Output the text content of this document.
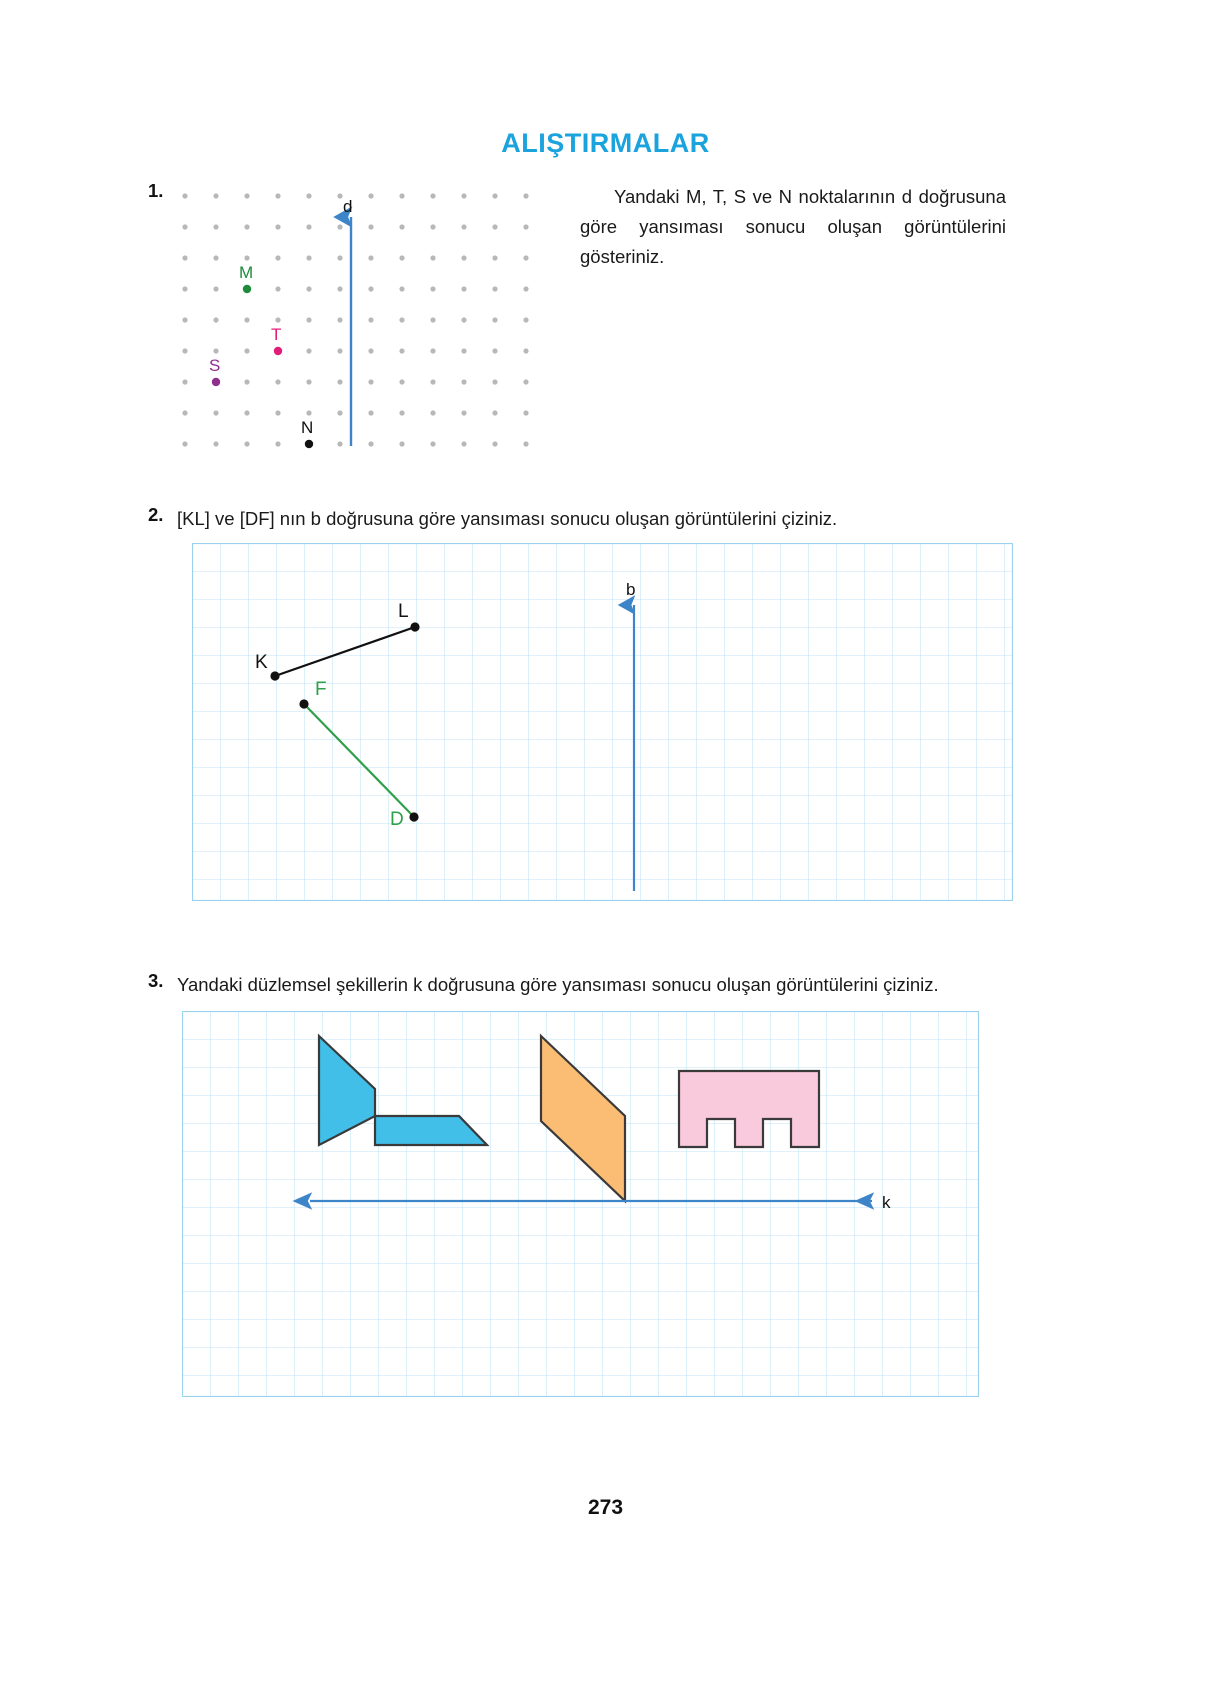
ALIŞTIRMALAR
1.	Yandaki M, T, S ve N noktalarının d doğrusuna göre yansıması sonucu oluşan görüntülerini gösteriniz.
d
M
T
S
N
2. [KL] ve [DF] nın b doğrusuna göre yansıması sonucu oluşan görüntülerini çiziniz.
b
K
L
F
D
3. Yandaki düzlemsel şekillerin k doğrusuna göre yansıması sonucu oluşan görüntülerini çiziniz.
k
273
